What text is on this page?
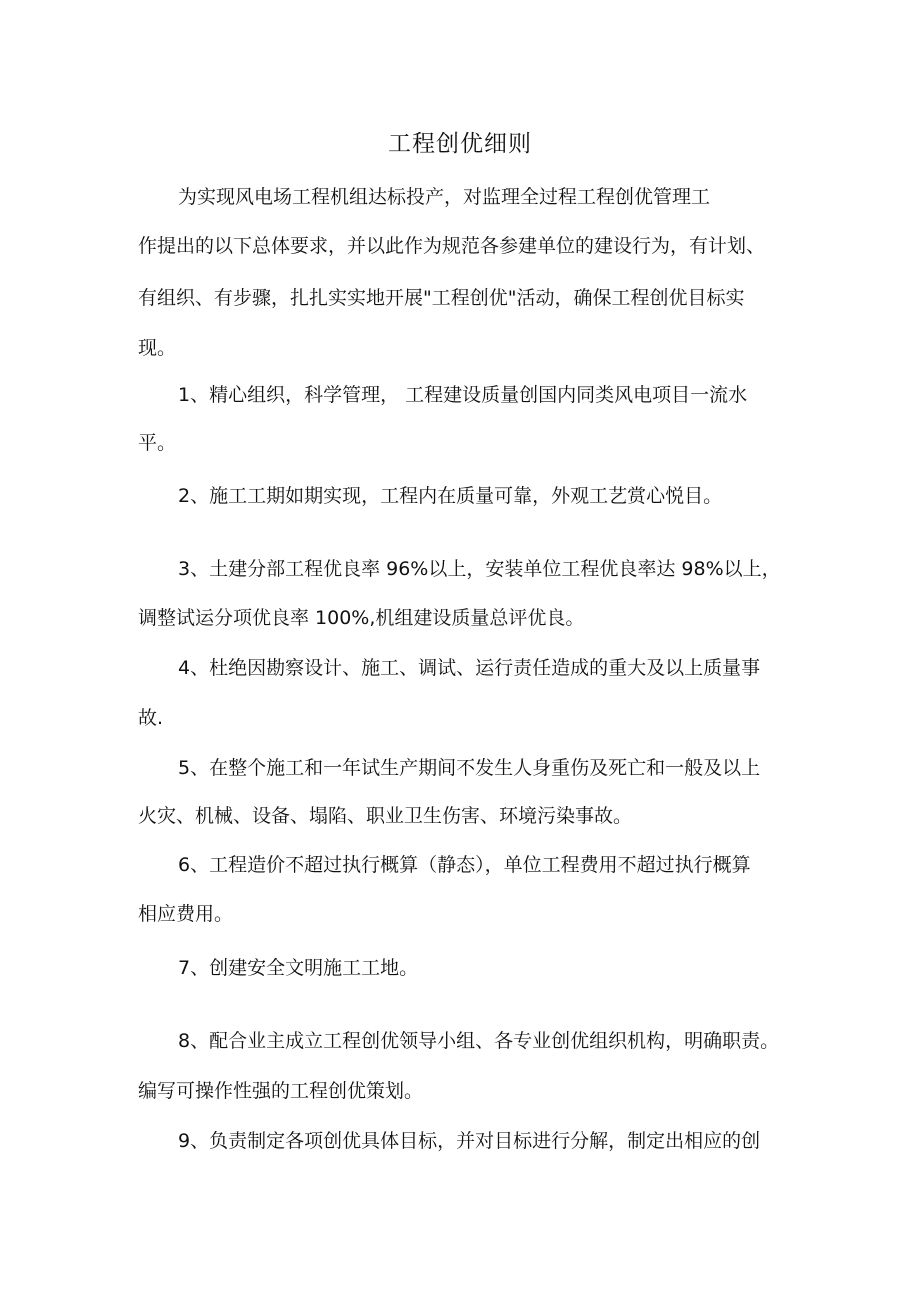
工程创优细则
为实现风电场工程机组达标投产，对监理全过程工程创优管理工
作提出的以下总体要求，并以此作为规范各参建单位的建设行为，有计划、
有组织、有步骤，扎扎实实地开展"工程创优"活动，确保工程创优目标实
现。
1、精心组织，科学管理， 工程建设质量创国内同类风电项目一流水
平。
2、施工工期如期实现，工程内在质量可靠，外观工艺赏心悦目。
3、土建分部工程优良率 96%以上，安装单位工程优良率达 98%以上，
调整试运分项优良率 100%,机组建设质量总评优良。
4、杜绝因勘察设计、施工、调试、运行责任造成的重大及以上质量事
故.
5、在整个施工和一年试生产期间不发生人身重伤及死亡和一般及以上
火灾、机械、设备、塌陷、职业卫生伤害、环境污染事故。
6、工程造价不超过执行概算（静态），单位工程费用不超过执行概算
相应费用。
7、创建安全文明施工工地。
8、配合业主成立工程创优领导小组、各专业创优组织机构，明确职责。
编写可操作性强的工程创优策划。
9、负责制定各项创优具体目标，并对目标进行分解，制定出相应的创
